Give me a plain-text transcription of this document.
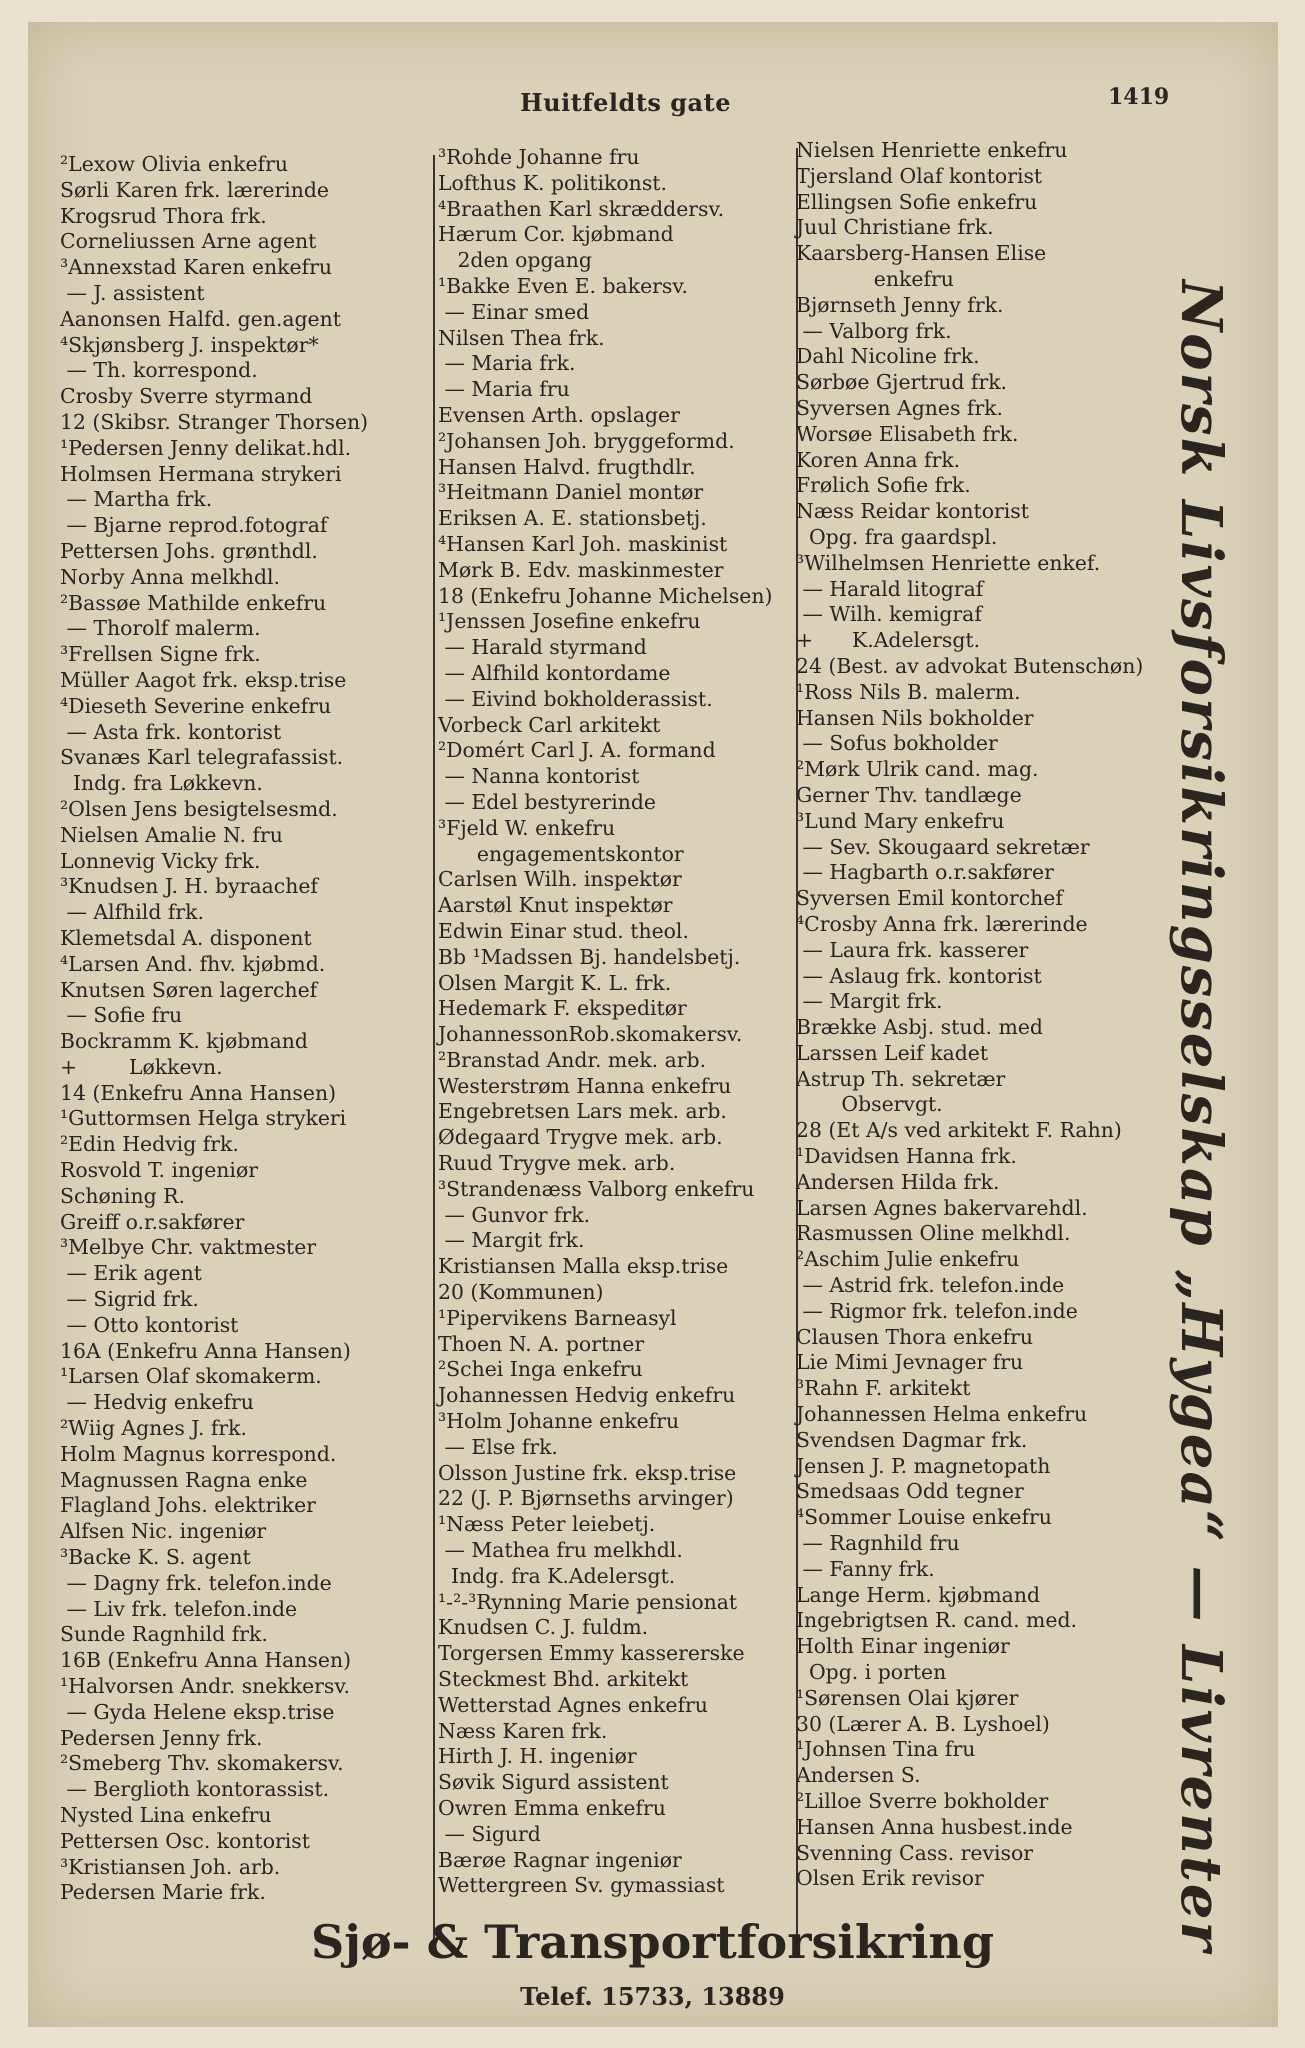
Huitfeldts gate	1419
²Lexow Olivia enkefru
Sørli Karen frk. lærerinde
Krogsrud Thora frk.
Corneliussen Arne agent
³Annexstad Karen enkefru
— J. assistent
Aanonsen Halfd. gen.agent
⁴Skjønsberg J. inspektør*
— Th. korrespond.
Crosby Sverre styrmand
12 (Skibsr. Stranger Thorsen)
¹Pedersen Jenny delikat.hdl.
Holmsen Hermana strykeri
— Martha frk.
— Bjarne reprod.fotograf
Pettersen Johs. grønthdl.
Norby Anna melkhdl.
²Bassøe Mathilde enkefru
— Thorolf malerm.
³Frellsen Signe frk.
Müller Aagot frk. eksp.trise
⁴Dieseth Severine enkefru
— Asta frk. kontorist
Svanæs Karl telegrafassist.
Indg. fra Løkkevn.
²Olsen Jens besigtelsesmd.
Nielsen Amalie N. fru
Lonnevig Vicky frk.
³Knudsen J. H. byraachef
— Alfhild frk.
Klemetsdal A. disponent
⁴Larsen And. fhv. kjøbmd.
Knutsen Søren lagerchef
— Sofie fru
Bockramm K. kjøbmand
+        Løkkevn.
14 (Enkefru Anna Hansen)
¹Guttormsen Helga strykeri
²Edin Hedvig frk.
Rosvold T. ingeniør
Schøning R.
Greiff o.r.sakfører
³Melbye Chr. vaktmester
— Erik agent
— Sigrid frk.
— Otto kontorist
16A (Enkefru Anna Hansen)
¹Larsen Olaf skomakerm.
— Hedvig enkefru
²Wiig Agnes J. frk.
Holm Magnus korrespond.
Magnussen Ragna enke
Flagland Johs. elektriker
Alfsen Nic. ingeniør
³Backe K. S. agent
— Dagny frk. telefon.inde
— Liv frk. telefon.inde
Sunde Ragnhild frk.
16B (Enkefru Anna Hansen)
¹Halvorsen Andr. snekkersv.
— Gyda Helene eksp.trise
Pedersen Jenny frk.
²Smeberg Thv. skomakersv.
— Berglioth kontorassist.
Nysted Lina enkefru
Pettersen Osc. kontorist
³Kristiansen Joh. arb.
Pedersen Marie frk.
³Rohde Johanne fru
Lofthus K. politikonst.
⁴Braathen Karl skræddersv.
Hærum Cor. kjøbmand
2den opgang
¹Bakke Even E. bakersv.
— Einar smed
Nilsen Thea frk.
— Maria frk.
— Maria fru
Evensen Arth. opslager
²Johansen Joh. bryggeformd.
Hansen Halvd. frugthdlr.
³Heitmann Daniel montør
Eriksen A. E. stationsbetj.
⁴Hansen Karl Joh. maskinist
Mørk B. Edv. maskinmester
18 (Enkefru Johanne Michelsen)
¹Jenssen Josefine enkefru
— Harald styrmand
— Alfhild kontordame
— Eivind bokholderassist.
Vorbeck Carl arkitekt
²Domért Carl J. A. formand
— Nanna kontorist
— Edel bestyrerinde
³Fjeld W. enkefru
engagementskontor
Carlsen Wilh. inspektør
Aarstøl Knut inspektør
Edwin Einar stud. theol.
Bb ¹Madssen Bj. handelsbetj.
Olsen Margit K. L. frk.
Hedemark F. ekspeditør
JohannessonRob.skomakersv.
²Branstad Andr. mek. arb.
Westerstrøm Hanna enkefru
Engebretsen Lars mek. arb.
Ødegaard Trygve mek. arb.
Ruud Trygve mek. arb.
³Strandenæss Valborg enkefru
— Gunvor frk.
— Margit frk.
Kristiansen Malla eksp.trise
20 (Kommunen)
¹Pipervikens Barneasyl
Thoen N. A. portner
²Schei Inga enkefru
Johannessen Hedvig enkefru
³Holm Johanne enkefru
— Else frk.
Olsson Justine frk. eksp.trise
22 (J. P. Bjørnseths arvinger)
¹Næss Peter leiebetj.
— Mathea fru melkhdl.
Indg. fra K.Adelersgt.
¹-²-³Rynning Marie pensionat
Knudsen C. J. fuldm.
Torgersen Emmy kassererske
Steckmest Bhd. arkitekt
Wetterstad Agnes enkefru
Næss Karen frk.
Hirth J. H. ingeniør
Søvik Sigurd assistent
Owren Emma enkefru
— Sigurd
Bærøe Ragnar ingeniør
Wettergreen Sv. gymassiast
Nielsen Henriette enkefru
Tjersland Olaf kontorist
Ellingsen Sofie enkefru
Juul Christiane frk.
Kaarsberg-Hansen Elise
enkefru
Bjørnseth Jenny frk.
— Valborg frk.
Dahl Nicoline frk.
Sørbøe Gjertrud frk.
Syversen Agnes frk.
Worsøe Elisabeth frk.
Koren Anna frk.
Frølich Sofie frk.
Næss Reidar kontorist
Opg. fra gaardspl.
³Wilhelmsen Henriette enkef.
— Harald litograf
— Wilh. kemigraf
+      K.Adelersgt.
24 (Best. av advokat Butenschøn)
¹Ross Nils B. malerm.
Hansen Nils bokholder
— Sofus bokholder
²Mørk Ulrik cand. mag.
Gerner Thv. tandlæge
³Lund Mary enkefru
— Sev. Skougaard sekretær
— Hagbarth o.r.sakfører
Syversen Emil kontorchef
⁴Crosby Anna frk. lærerinde
— Laura frk. kasserer
— Aslaug frk. kontorist
— Margit frk.
Brække Asbj. stud. med
Larssen Leif kadet
Astrup Th. sekretær
Observgt.
28 (Et A/s ved arkitekt F. Rahn)
¹Davidsen Hanna frk.
Andersen Hilda frk.
Larsen Agnes bakervarehdl.
Rasmussen Oline melkhdl.
²Aschim Julie enkefru
— Astrid frk. telefon.inde
— Rigmor frk. telefon.inde
Clausen Thora enkefru
Lie Mimi Jevnager fru
³Rahn F. arkitekt
Johannessen Helma enkefru
Svendsen Dagmar frk.
Jensen J. P. magnetopath
Smedsaas Odd tegner
⁴Sommer Louise enkefru
— Ragnhild fru
— Fanny frk.
Lange Herm. kjøbmand
Ingebrigtsen R. cand. med.
Holth Einar ingeniør
Opg. i porten
¹Sørensen Olai kjører
30 (Lærer A. B. Lyshoel)
¹Johnsen Tina fru
Andersen S.
²Lilloe Sverre bokholder
Hansen Anna husbest.inde
Svenning Cass. revisor
Olsen Erik revisor	Norsk Livsforsikringsselskap „Hygea“ — Livrenter
Sjø- & Transportforsikring
Telef. 15733, 13889
